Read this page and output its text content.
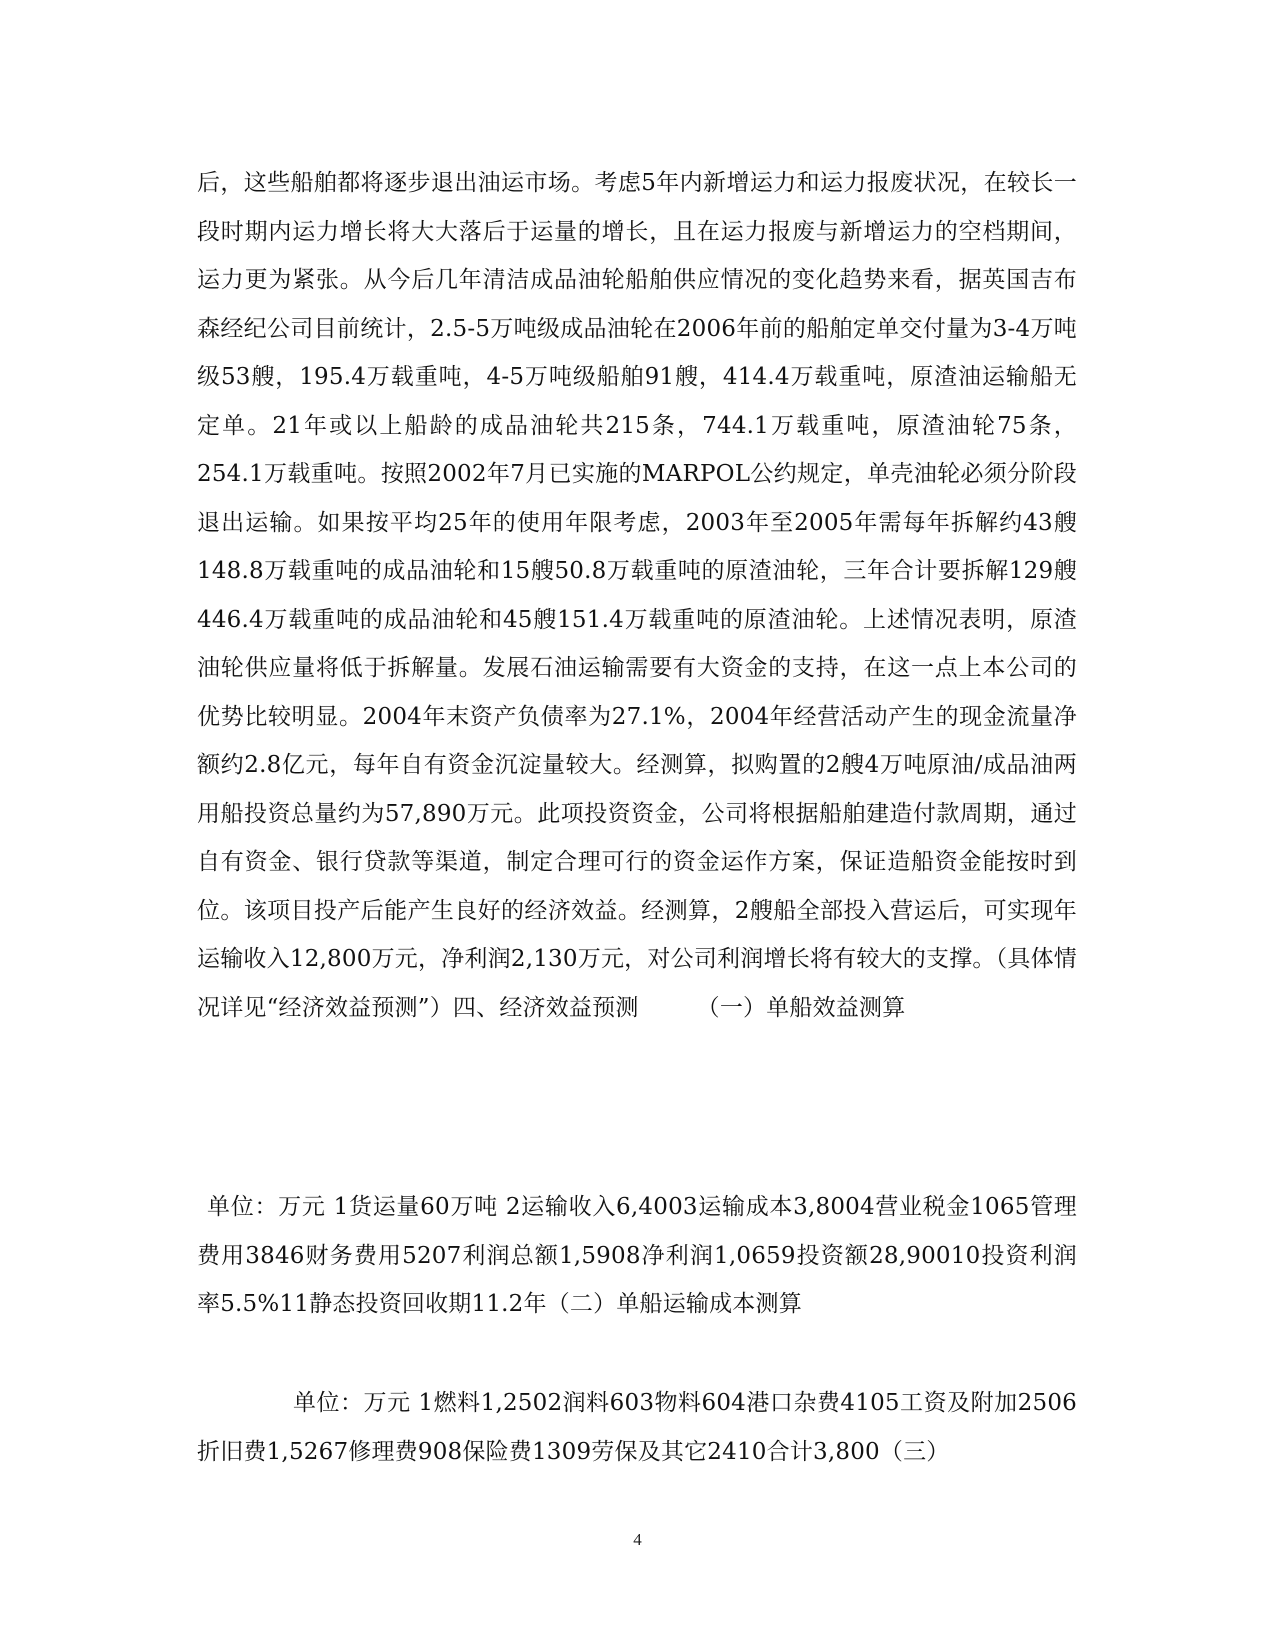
后，这些船舶都将逐步退出油运市场。考虑5年内新增运力和运力报废状况，在较长一段时期内运力增长将大大落后于运量的增长，且在运力报废与新增运力的空档期间，运力更为紧张。从今后几年清洁成品油轮船舶供应情况的变化趋势来看，据英国吉布森经纪公司目前统计，2.5-5万吨级成品油轮在2006年前的船舶定单交付量为3-4万吨级53艘，195.4万载重吨，4-5万吨级船舶91艘，414.4万载重吨，原渣油运输船无定单。21年或以上船龄的成品油轮共215条，744.1万载重吨，原渣油轮75条，254.1万载重吨。按照2002年7月已实施的MARPOL公约规定，单壳油轮必须分阶段退出运输。如果按平均25年的使用年限考虑，2003年至2005年需每年拆解约43艘148.8万载重吨的成品油轮和15艘50.8万载重吨的原渣油轮，三年合计要拆解129艘446.4万载重吨的成品油轮和45艘151.4万载重吨的原渣油轮。上述情况表明，原渣油轮供应量将低于拆解量。发展石油运输需要有大资金的支持，在这一点上本公司的优势比较明显。2004年末资产负债率为27.1%，2004年经营活动产生的现金流量净额约2.8亿元，每年自有资金沉淀量较大。经测算，拟购置的2艘4万吨原油/成品油两用船投资总量约为57,890万元。此项投资资金，公司将根据船舶建造付款周期，通过自有资金、银行贷款等渠道，制定合理可行的资金运作方案，保证造船资金能按时到位。该项目投产后能产生良好的经济效益。经测算，2艘船全部投入营运后，可实现年运输收入12,800万元，净利润2,130万元，对公司利润增长将有较大的支撑。（具体情况详见“经济效益预测”）四、经济效益预测　　　（一）单船效益测算

单位：万元 1货运量60万吨 2运输收入6,4003运输成本3,8004营业税金1065管理费用3846财务费用5207利润总额1,5908净利润1,0659投资额28,90010投资利润率5.5%11静态投资回收期11.2年（二）单船运输成本测算

单位：万元 1燃料1,2502润料603物料604港口杂费4105工资及附加2506折旧费1,5267修理费908保险费1309劳保及其它2410合计3,800（三）

4
